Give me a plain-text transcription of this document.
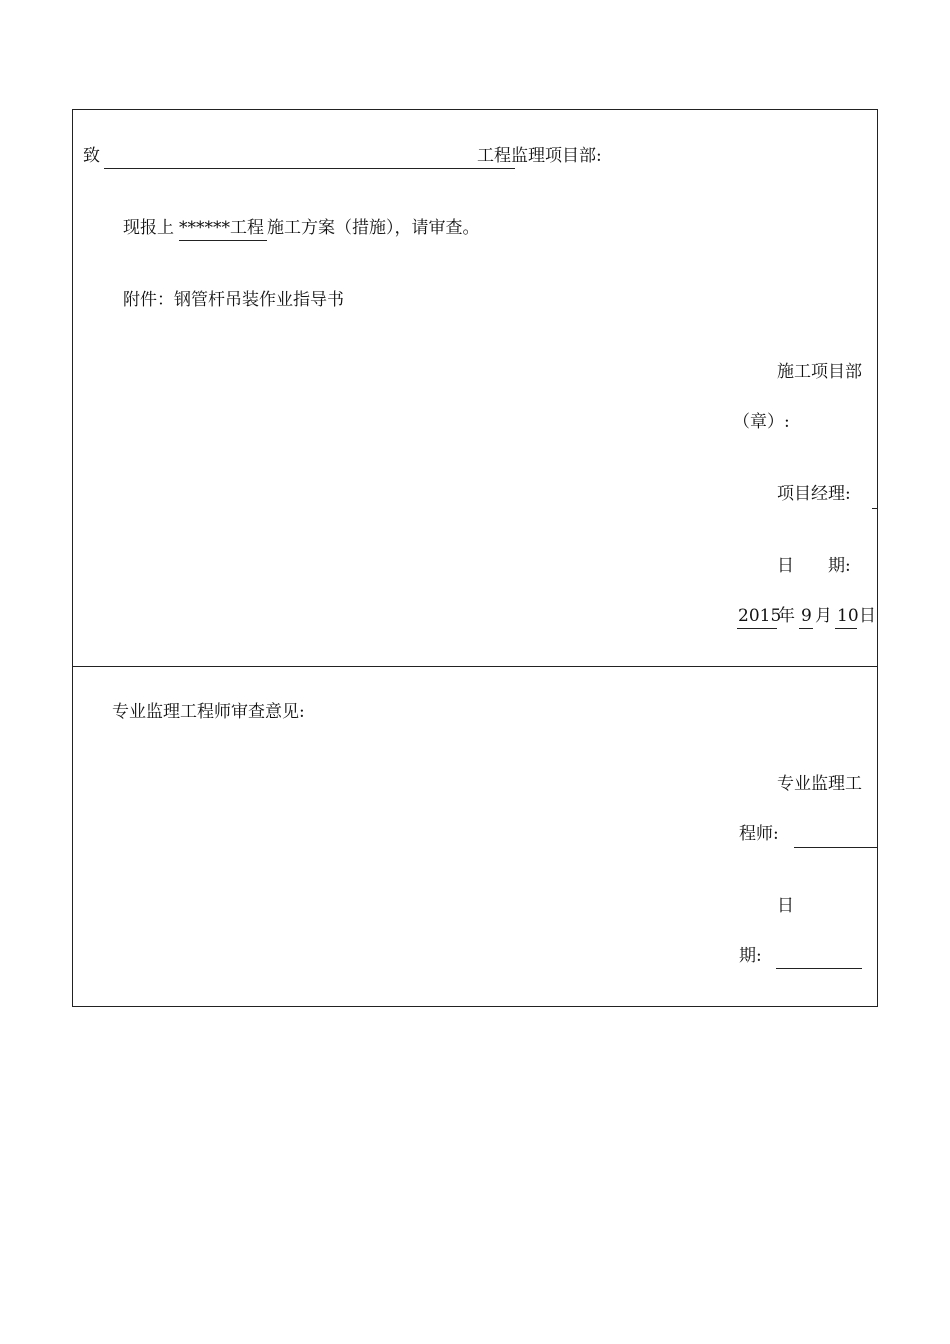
致	工程监理项目部:
现报上 ******工程 施工方案（措施），请审查。
附件：钢管杆吊装作业指导书
施工项目部
（章）:
项目经理:
日　　期:
2015
年 9 月 10 日
专业监理工程师审查意见:
专业监理工
程师:
日
期:
